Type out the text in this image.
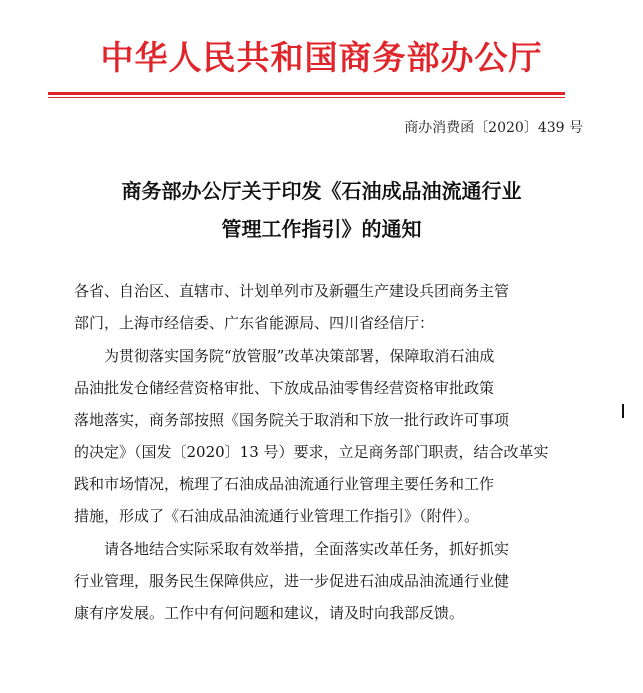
中华人民共和国商务部办公厅
商办消费函〔2020〕439 号
商务部办公厅关于印发《石油成品油流通行业
管理工作指引》的通知
各省、自治区、直辖市、计划单列市及新疆生产建设兵团商务主管
部门，上海市经信委、广东省能源局、四川省经信厅：
为贯彻落实国务院“放管服”改革决策部署，保障取消石油成
品油批发仓储经营资格审批、下放成品油零售经营资格审批政策
落地落实，商务部按照《国务院关于取消和下放一批行政许可事项
的决定》（国发〔2020〕13 号）要求，立足商务部门职责，结合改革实
践和市场情况，梳理了石油成品油流通行业管理主要任务和工作
措施，形成了《石油成品油流通行业管理工作指引》（附件）。
请各地结合实际采取有效举措，全面落实改革任务，抓好抓实
行业管理，服务民生保障供应，进一步促进石油成品油流通行业健
康有序发展。工作中有何问题和建议，请及时向我部反馈。
